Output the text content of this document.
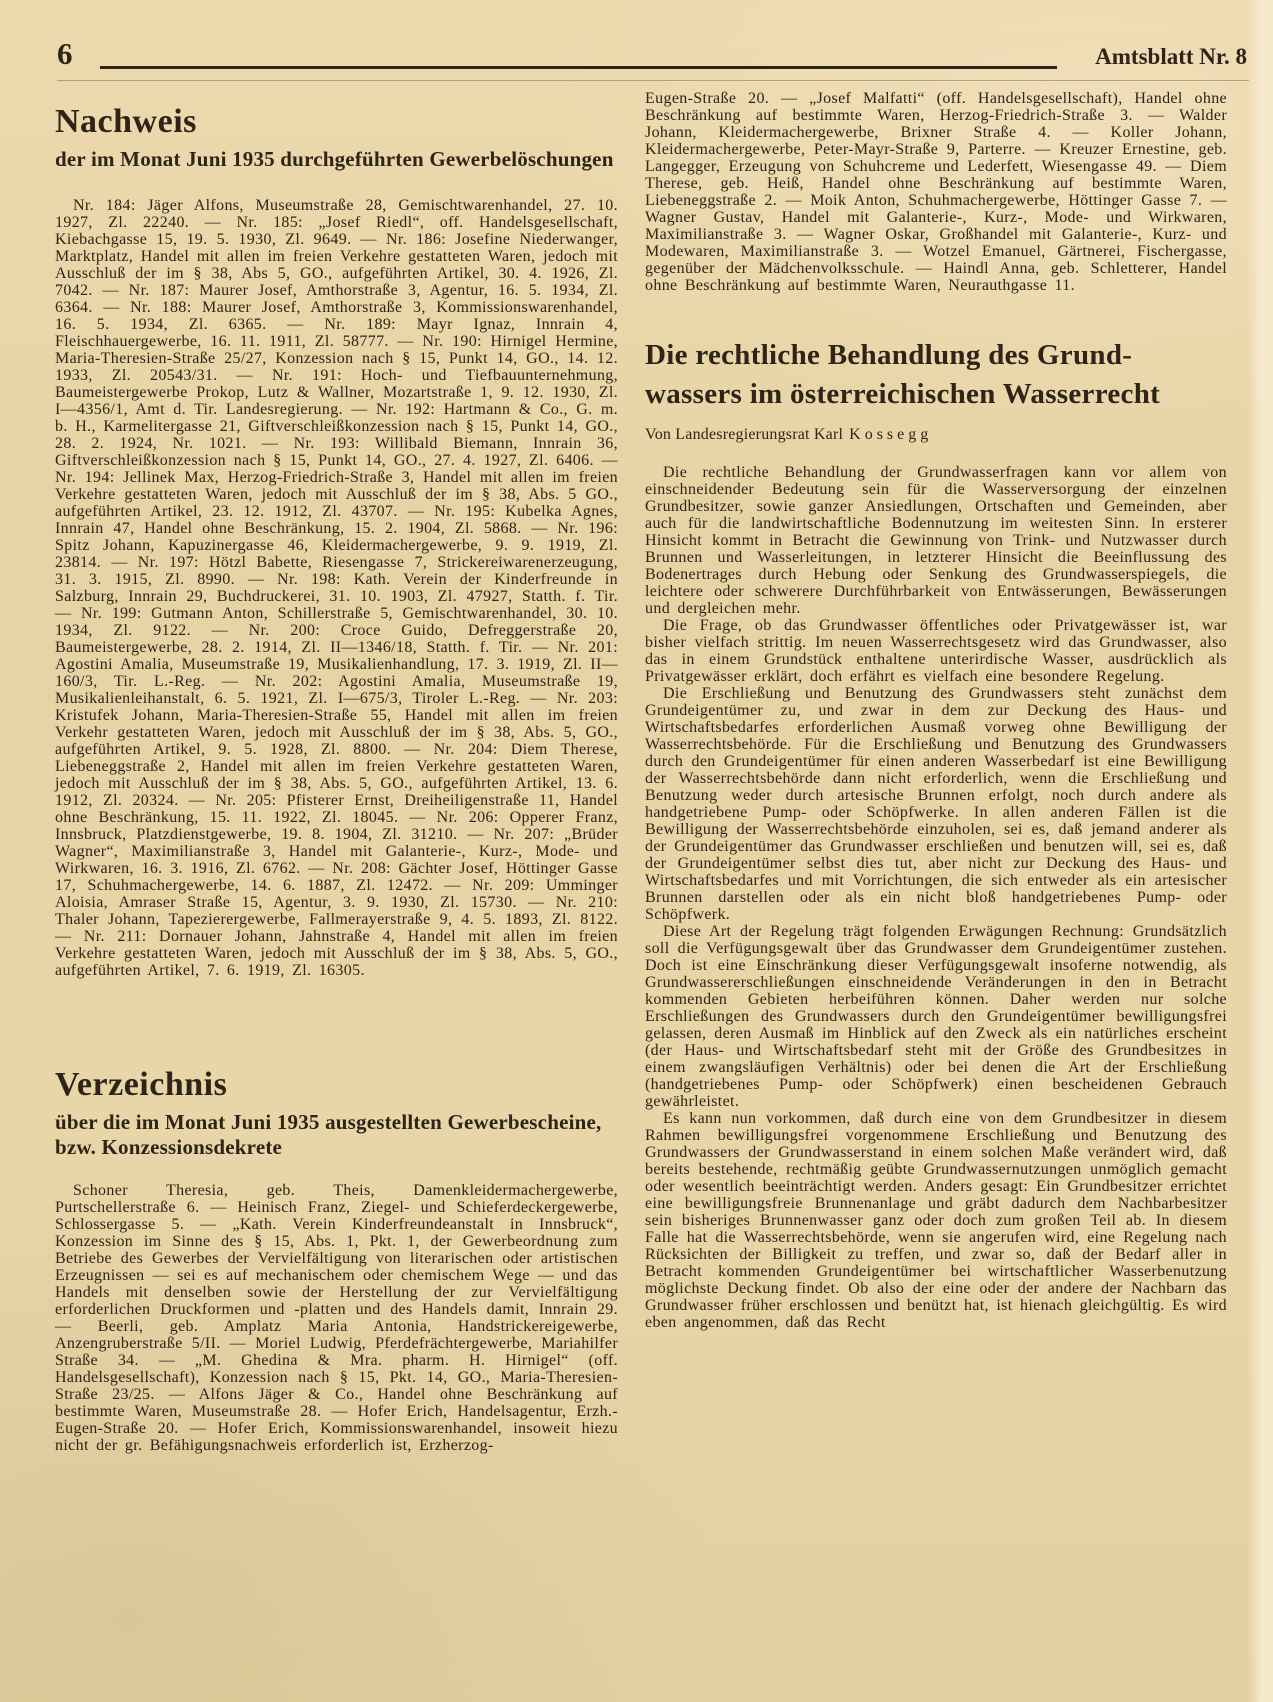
6	Amtsblatt Nr. 8
Nachweis
der im Monat Juni 1935 durchgeführten Gewerbelöschungen

Nr. 184: Jäger Alfons, Museumstraße 28, Gemischtwarenhandel, 27. 10. 1927, Zl. 22240. — Nr. 185: „Josef Riedl“, off. Handelsgesellschaft, Kiebachgasse 15, 19. 5. 1930, Zl. 9649. — Nr. 186: Josefine Niederwanger, Marktplatz, Handel mit allen im freien Verkehre gestatteten Waren, jedoch mit Ausschluß der im § 38, Abs 5, GO., aufgeführten Artikel, 30. 4. 1926, Zl. 7042. — Nr. 187: Maurer Josef, Amthorstraße 3, Agentur, 16. 5. 1934, Zl. 6364. — Nr. 188: Maurer Josef, Amthorstraße 3, Kommissionswarenhandel, 16. 5. 1934, Zl. 6365. — Nr. 189: Mayr Ignaz, Innrain 4, Fleischhauergewerbe, 16. 11. 1911, Zl. 58777. — Nr. 190: Hirnigel Hermine, Maria-Theresien-Straße 25/27, Konzession nach § 15, Punkt 14, GO., 14. 12. 1933, Zl. 20543/31. — Nr. 191: Hoch- und Tiefbauunternehmung, Baumeistergewerbe Prokop, Lutz & Wallner, Mozartstraße 1, 9. 12. 1930, Zl. I—4356/1, Amt d. Tir. Landesregierung. — Nr. 192: Hartmann & Co., G. m. b. H., Karmelitergasse 21, Giftverschleißkonzession nach § 15, Punkt 14, GO., 28. 2. 1924, Nr. 1021. — Nr. 193: Willibald Biemann, Innrain 36, Giftverschleißkonzession nach § 15, Punkt 14, GO., 27. 4. 1927, Zl. 6406. — Nr. 194: Jellinek Max, Herzog-Friedrich-Straße 3, Handel mit allen im freien Verkehre gestatteten Waren, jedoch mit Ausschluß der im § 38, Abs. 5 GO., aufgeführten Artikel, 23. 12. 1912, Zl. 43707. — Nr. 195: Kubelka Agnes, Innrain 47, Handel ohne Beschränkung, 15. 2. 1904, Zl. 5868. — Nr. 196: Spitz Johann, Kapuzinergasse 46, Kleidermachergewerbe, 9. 9. 1919, Zl. 23814. — Nr. 197: Hötzl Babette, Riesengasse 7, Strickereiwarenerzeugung, 31. 3. 1915, Zl. 8990. — Nr. 198: Kath. Verein der Kinderfreunde in Salzburg, Innrain 29, Buchdruckerei, 31. 10. 1903, Zl. 47927, Statth. f. Tir. — Nr. 199: Gutmann Anton, Schillerstraße 5, Gemischtwarenhandel, 30. 10. 1934, Zl. 9122. — Nr. 200: Croce Guido, Defreggerstraße 20, Baumeistergewerbe, 28. 2. 1914, Zl. II—1346/18, Statth. f. Tir. — Nr. 201: Agostini Amalia, Museumstraße 19, Musikalienhandlung, 17. 3. 1919, Zl. II—160/3, Tir. L.-Reg. — Nr. 202: Agostini Amalia, Museumstraße 19, Musikalienleihanstalt, 6. 5. 1921, Zl. I—675/3, Tiroler L.-Reg. — Nr. 203: Kristufek Johann, Maria-Theresien-Straße 55, Handel mit allen im freien Verkehr gestatteten Waren, jedoch mit Ausschluß der im § 38, Abs. 5, GO., aufgeführten Artikel, 9. 5. 1928, Zl. 8800. — Nr. 204: Diem Therese, Liebeneggstraße 2, Handel mit allen im freien Verkehre gestatteten Waren, jedoch mit Ausschluß der im § 38, Abs. 5, GO., aufgeführten Artikel, 13. 6. 1912, Zl. 20324. — Nr. 205: Pfisterer Ernst, Dreiheiligenstraße 11, Handel ohne Beschränkung, 15. 11. 1922, Zl. 18045. — Nr. 206: Opperer Franz, Innsbruck, Platzdienstgewerbe, 19. 8. 1904, Zl. 31210. — Nr. 207: „Brüder Wagner“, Maximilianstraße 3, Handel mit Galanterie-, Kurz-, Mode- und Wirkwaren, 16. 3. 1916, Zl. 6762. — Nr. 208: Gächter Josef, Höttinger Gasse 17, Schuhmachergewerbe, 14. 6. 1887, Zl. 12472. — Nr. 209: Umminger Aloisia, Amraser Straße 15, Agentur, 3. 9. 1930, Zl. 15730. — Nr. 210: Thaler Johann, Tapezierergewerbe, Fallmerayerstraße 9, 4. 5. 1893, Zl. 8122. — Nr. 211: Dornauer Johann, Jahnstraße 4, Handel mit allen im freien Verkehre gestatteten Waren, jedoch mit Ausschluß der im § 38, Abs. 5, GO., aufgeführten Artikel, 7. 6. 1919, Zl. 16305.

Verzeichnis
über die im Monat Juni 1935 ausgestellten Gewerbescheine, bzw. Konzessionsdekrete

Schoner Theresia, geb. Theis, Damenkleidermachergewerbe, Purtschellerstraße 6. — Heinisch Franz, Ziegel- und Schieferdeckergewerbe, Schlossergasse 5. — „Kath. Verein Kinderfreundeanstalt in Innsbruck“, Konzession im Sinne des § 15, Abs. 1, Pkt. 1, der Gewerbeordnung zum Betriebe des Gewerbes der Vervielfältigung von literarischen oder artistischen Erzeugnissen — sei es auf mechanischem oder chemischem Wege — und das Handels mit denselben sowie der Herstellung der zur Vervielfältigung erforderlichen Druckformen und -platten und des Handels damit, Innrain 29. — Beerli, geb. Amplatz Maria Antonia, Handstrickereigewerbe, Anzengruberstraße 5/II. — Moriel Ludwig, Pferdefrächtergewerbe, Mariahilfer Straße 34. — „M. Ghedina & Mra. pharm. H. Hirnigel“ (off. Handelsgesellschaft), Konzession nach § 15, Pkt. 14, GO., Maria-Theresien-Straße 23/25. — Alfons Jäger & Co., Handel ohne Beschränkung auf bestimmte Waren, Museumstraße 28. — Hofer Erich, Handelsagentur, Erzh.-Eugen-Straße 20. — Hofer Erich, Kommissionswarenhandel, insoweit hiezu nicht der gr. Befähigungsnachweis erforderlich ist, Erzherzog-

Eugen-Straße 20. — „Josef Malfatti“ (off. Handelsgesellschaft), Handel ohne Beschränkung auf bestimmte Waren, Herzog-Friedrich-Straße 3. — Walder Johann, Kleidermachergewerbe, Brixner Straße 4. — Koller Johann, Kleidermachergewerbe, Peter-Mayr-Straße 9, Parterre. — Kreuzer Ernestine, geb. Langegger, Erzeugung von Schuhcreme und Lederfett, Wiesengasse 49. — Diem Therese, geb. Heiß, Handel ohne Beschränkung auf bestimmte Waren, Liebeneggstraße 2. — Moik Anton, Schuhmachergewerbe, Höttinger Gasse 7. — Wagner Gustav, Handel mit Galanterie-, Kurz-, Mode- und Wirkwaren, Maximilianstraße 3. — Wagner Oskar, Großhandel mit Galanterie-, Kurz- und Modewaren, Maximilianstraße 3. — Wotzel Emanuel, Gärtnerei, Fischergasse, gegenüber der Mädchenvolksschule. — Haindl Anna, geb. Schletterer, Handel ohne Beschränkung auf bestimmte Waren, Neurauthgasse 11.

Die rechtliche Behandlung des Grund-
wassers im österreichischen Wasserrecht
Von Landesregierungsrat Karl Kossegg

Die rechtliche Behandlung der Grundwasserfragen kann vor allem von einschneidender Bedeutung sein für die Wasserversorgung der einzelnen Grundbesitzer, sowie ganzer Ansiedlungen, Ortschaften und Gemeinden, aber auch für die landwirtschaftliche Bodennutzung im weitesten Sinn. In ersterer Hinsicht kommt in Betracht die Gewinnung von Trink- und Nutzwasser durch Brunnen und Wasserleitungen, in letzterer Hinsicht die Beeinflussung des Bodenertrages durch Hebung oder Senkung des Grundwasserspiegels, die leichtere oder schwerere Durchführbarkeit von Entwässerungen, Bewässerungen und dergleichen mehr.

Die Frage, ob das Grundwasser öffentliches oder Privatgewässer ist, war bisher vielfach strittig. Im neuen Wasserrechtsgesetz wird das Grundwasser, also das in einem Grundstück enthaltene unterirdische Wasser, ausdrücklich als Privatgewässer erklärt, doch erfährt es vielfach eine besondere Regelung.

Die Erschließung und Benutzung des Grundwassers steht zunächst dem Grundeigentümer zu, und zwar in dem zur Deckung des Haus- und Wirtschaftsbedarfes erforderlichen Ausmaß vorweg ohne Bewilligung der Wasserrechtsbehörde. Für die Erschließung und Benutzung des Grundwassers durch den Grundeigentümer für einen anderen Wasserbedarf ist eine Bewilligung der Wasserrechtsbehörde dann nicht erforderlich, wenn die Erschließung und Benutzung weder durch artesische Brunnen erfolgt, noch durch andere als handgetriebene Pump- oder Schöpfwerke. In allen anderen Fällen ist die Bewilligung der Wasserrechtsbehörde einzuholen, sei es, daß jemand anderer als der Grundeigentümer das Grundwasser erschließen und benutzen will, sei es, daß der Grundeigentümer selbst dies tut, aber nicht zur Deckung des Haus- und Wirtschaftsbedarfes und mit Vorrichtungen, die sich entweder als ein artesischer Brunnen darstellen oder als ein nicht bloß handgetriebenes Pump- oder Schöpfwerk.

Diese Art der Regelung trägt folgenden Erwägungen Rechnung: Grundsätzlich soll die Verfügungsgewalt über das Grundwasser dem Grundeigentümer zustehen. Doch ist eine Einschränkung dieser Verfügungsgewalt insoferne notwendig, als Grundwassererschließungen einschneidende Veränderungen in den in Betracht kommenden Gebieten herbeiführen können. Daher werden nur solche Erschließungen des Grundwassers durch den Grundeigentümer bewilligungsfrei gelassen, deren Ausmaß im Hinblick auf den Zweck als ein natürliches erscheint (der Haus- und Wirtschaftsbedarf steht mit der Größe des Grundbesitzes in einem zwangsläufigen Verhältnis) oder bei denen die Art der Erschließung (handgetriebenes Pump- oder Schöpfwerk) einen bescheidenen Gebrauch gewährleistet.

Es kann nun vorkommen, daß durch eine von dem Grundbesitzer in diesem Rahmen bewilligungsfrei vorgenommene Erschließung und Benutzung des Grundwassers der Grundwasserstand in einem solchen Maße verändert wird, daß bereits bestehende, rechtmäßig geübte Grundwassernutzungen unmöglich gemacht oder wesentlich beeinträchtigt werden. Anders gesagt: Ein Grundbesitzer errichtet eine bewilligungsfreie Brunnenanlage und gräbt dadurch dem Nachbarbesitzer sein bisheriges Brunnenwasser ganz oder doch zum großen Teil ab. In diesem Falle hat die Wasserrechtsbehörde, wenn sie angerufen wird, eine Regelung nach Rücksichten der Billigkeit zu treffen, und zwar so, daß der Bedarf aller in Betracht kommenden Grundeigentümer bei wirtschaftlicher Wasserbenutzung möglichste Deckung findet. Ob also der eine oder der andere der Nachbarn das Grundwasser früher erschlossen und benützt hat, ist hienach gleichgültig. Es wird eben angenommen, daß das Recht
